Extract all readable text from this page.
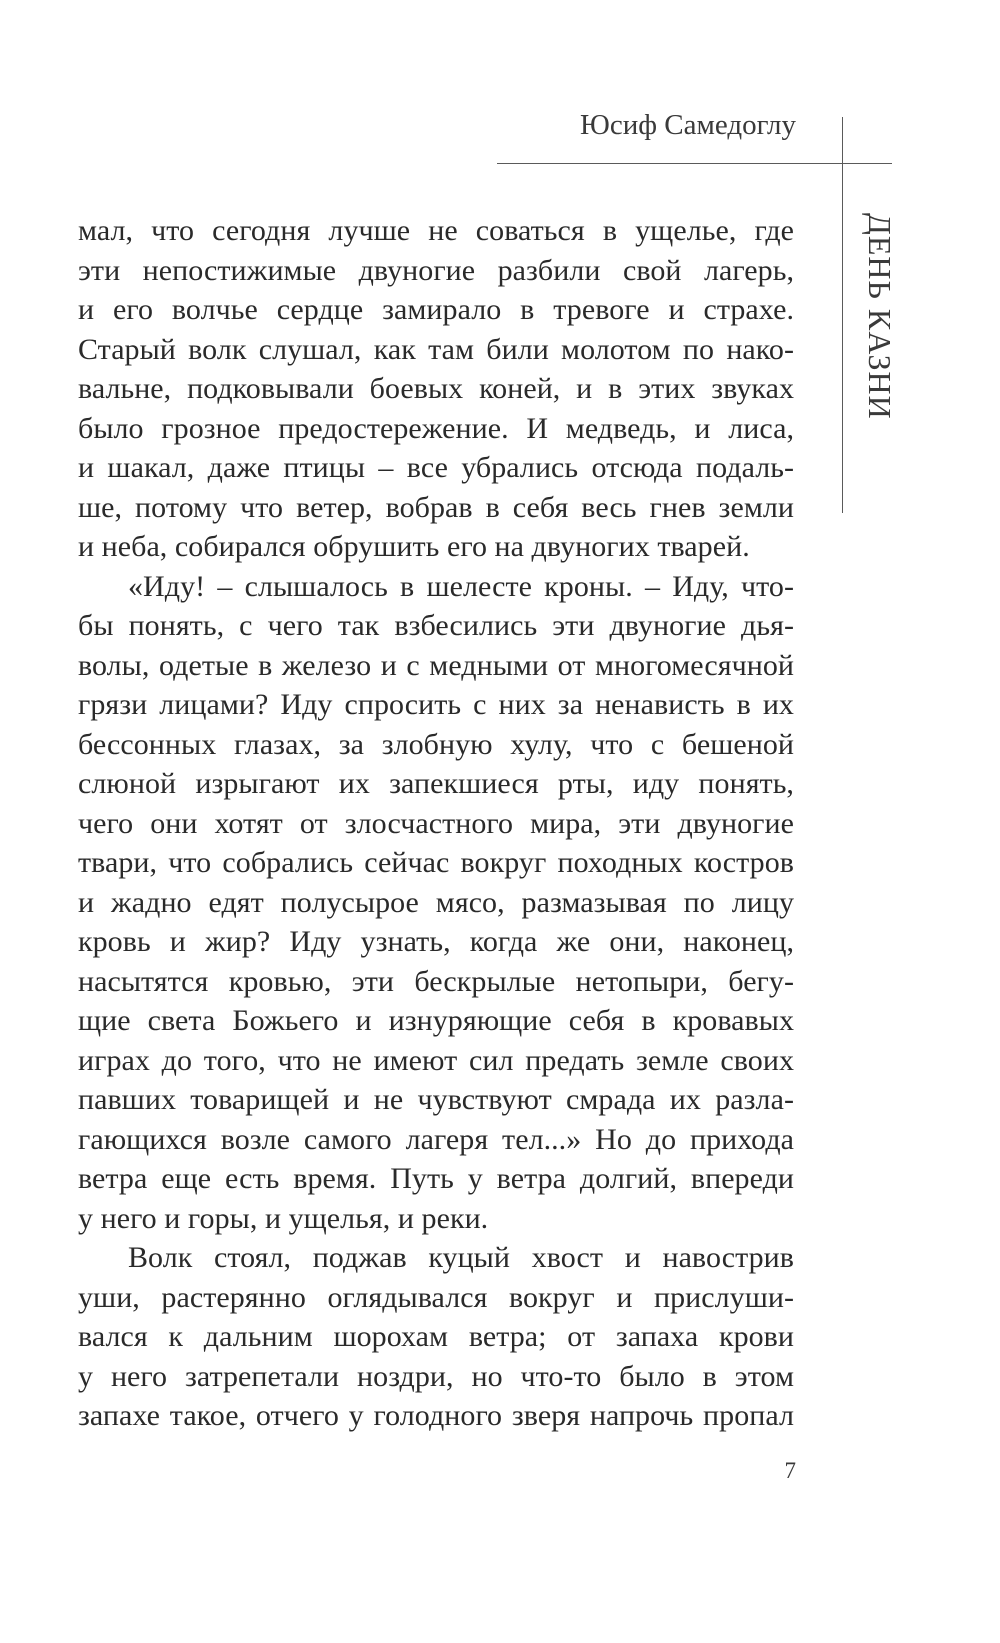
Юсиф Самедоглу
ДЕНЬ КАЗНИ
мал, что сегодня лучше не соваться в ущелье, где
эти непостижимые двуногие разбили свой лагерь,
и его волчье сердце замирало в тревоге и страхе.
Старый волк слушал, как там били молотом по нако-
вальне, подковывали боевых коней, и в этих звуках
было грозное предостережение. И медведь, и лиса,
и шакал, даже птицы – все убрались отсюда подаль-
ше, потому что ветер, вобрав в себя весь гнев земли
и неба, собирался обрушить его на двуногих тварей.
«Иду! – слышалось в шелесте кроны. – Иду, что-
бы понять, с чего так взбесились эти двуногие дья-
волы, одетые в железо и с медными от многомесячной
грязи лицами? Иду спросить с них за ненависть в их
бессонных глазах, за злобную хулу, что с бешеной
слюной изрыгают их запекшиеся рты, иду понять,
чего они хотят от злосчастного мира, эти двуногие
твари, что собрались сейчас вокруг походных костров
и жадно едят полусырое мясо, размазывая по лицу
кровь и жир? Иду узнать, когда же они, наконец,
насытятся кровью, эти бескрылые нетопыри, бегу-
щие света Божьего и изнуряющие себя в кровавых
играх до того, что не имеют сил предать земле своих
павших товарищей и не чувствуют смрада их разла-
гающихся возле самого лагеря тел...» Но до прихода
ветра еще есть время. Путь у ветра долгий, впереди
у него и горы, и ущелья, и реки.
Волк стоял, поджав куцый хвост и навострив
уши, растерянно оглядывался вокруг и прислуши-
вался к дальним шорохам ветра; от запаха крови
у него затрепетали ноздри, но что-то было в этом
запахе такое, отчего у голодного зверя напрочь пропал
7
